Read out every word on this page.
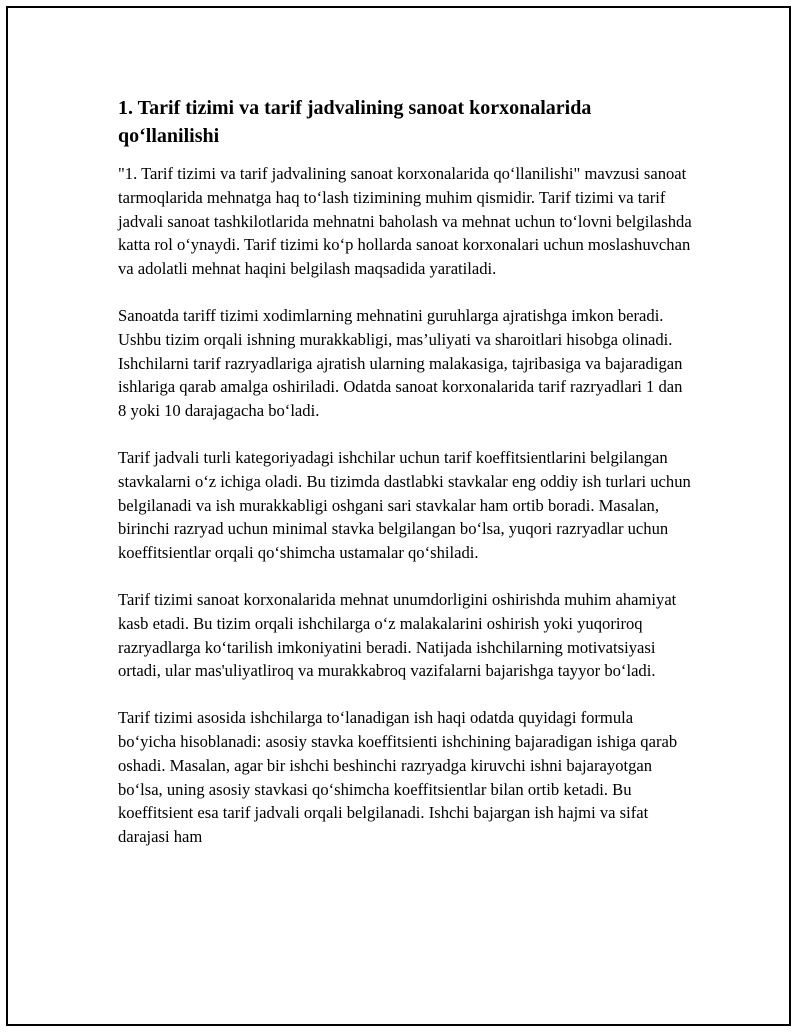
1. Tarif tizimi va tarif jadvalining sanoat korxonalarida qo‘llanilishi

"1. Tarif tizimi va tarif jadvalining sanoat korxonalarida qo‘llanilishi" mavzusi sanoat tarmoqlarida mehnatga haq to‘lash tizimining muhim qismidir. Tarif tizimi va tarif jadvali sanoat tashkilotlarida mehnatni baholash va mehnat uchun to‘lovni belgilashda katta rol o‘ynaydi. Tarif tizimi ko‘p hollarda sanoat korxonalari uchun moslashuvchan va adolatli mehnat haqini belgilash maqsadida yaratiladi.

Sanoatda tariff tizimi xodimlarning mehnatini guruhlarga ajratishga imkon beradi. Ushbu tizim orqali ishning murakkabligi, mas’uliyati va sharoitlari hisobga olinadi. Ishchilarni tarif razryadlariga ajratish ularning malakasiga, tajribasiga va bajaradigan ishlariga qarab amalga oshiriladi. Odatda sanoat korxonalarida tarif razryadlari 1 dan 8 yoki 10 darajagacha bo‘ladi.

Tarif jadvali turli kategoriyadagi ishchilar uchun tarif koeffitsientlarini belgilangan stavkalarni o‘z ichiga oladi. Bu tizimda dastlabki stavkalar eng oddiy ish turlari uchun belgilanadi va ish murakkabligi oshgani sari stavkalar ham ortib boradi. Masalan, birinchi razryad uchun minimal stavka belgilangan bo‘lsa, yuqori razryadlar uchun koeffitsientlar orqali qo‘shimcha ustamalar qo‘shiladi.

Tarif tizimi sanoat korxonalarida mehnat unumdorligini oshirishda muhim ahamiyat kasb etadi. Bu tizim orqali ishchilarga o‘z malakalarini oshirish yoki yuqoriroq razryadlarga ko‘tarilish imkoniyatini beradi. Natijada ishchilarning motivatsiyasi ortadi, ular mas'uliyatliroq va murakkabroq vazifalarni bajarishga tayyor bo‘ladi.

Tarif tizimi asosida ishchilarga to‘lanadigan ish haqi odatda quyidagi formula bo‘yicha hisoblanadi: asosiy stavka koeffitsienti ishchining bajaradigan ishiga qarab oshadi. Masalan, agar bir ishchi beshinchi razryadga kiruvchi ishni bajarayotgan bo‘lsa, uning asosiy stavkasi qo‘shimcha koeffitsientlar bilan ortib ketadi. Bu koeffitsient esa tarif jadvali orqali belgilanadi. Ishchi bajargan ish hajmi va sifat darajasi ham
